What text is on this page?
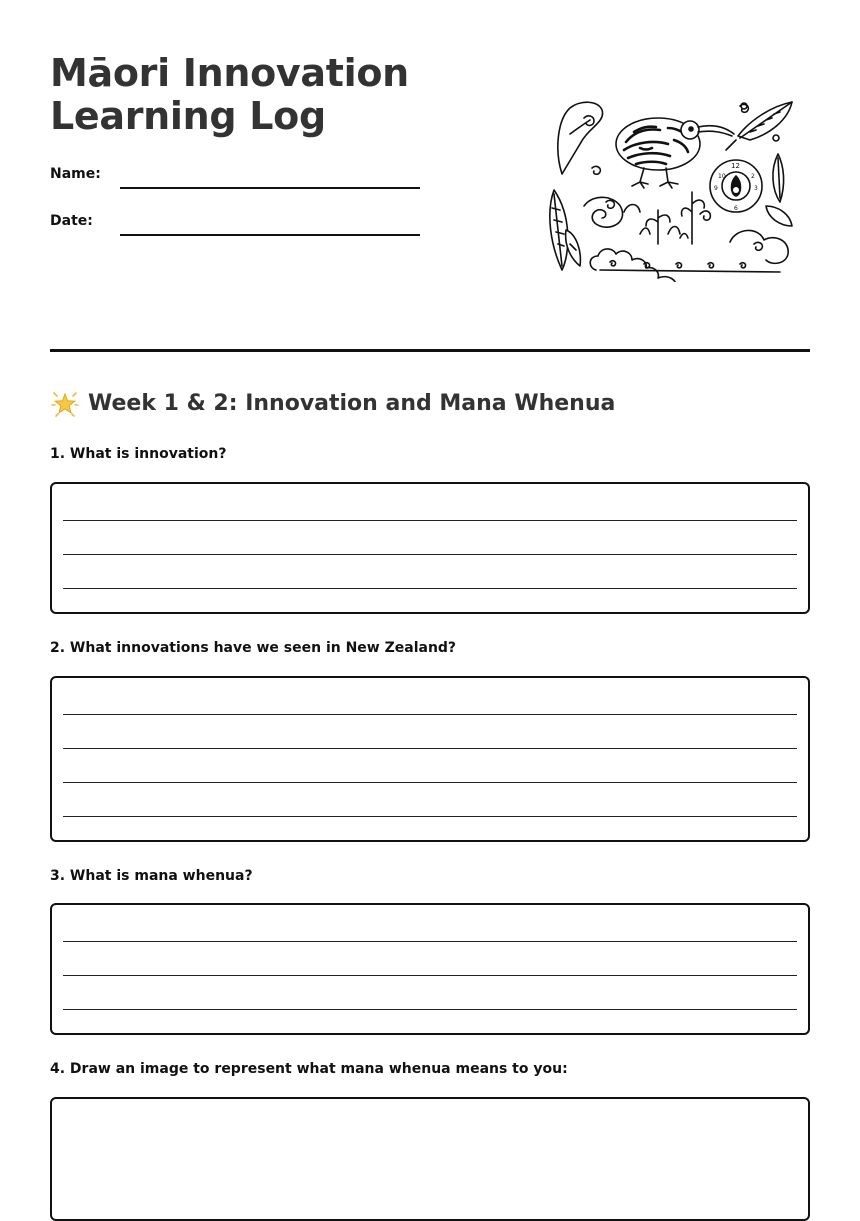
Māori Innovation
Learning Log
Name:
Date:
12
10	2
3
9
6
Week 1 & 2: Innovation and Mana Whenua
1. What is innovation?
2. What innovations have we seen in New Zealand?
3. What is mana whenua?
4. Draw an image to represent what mana whenua means to you:
